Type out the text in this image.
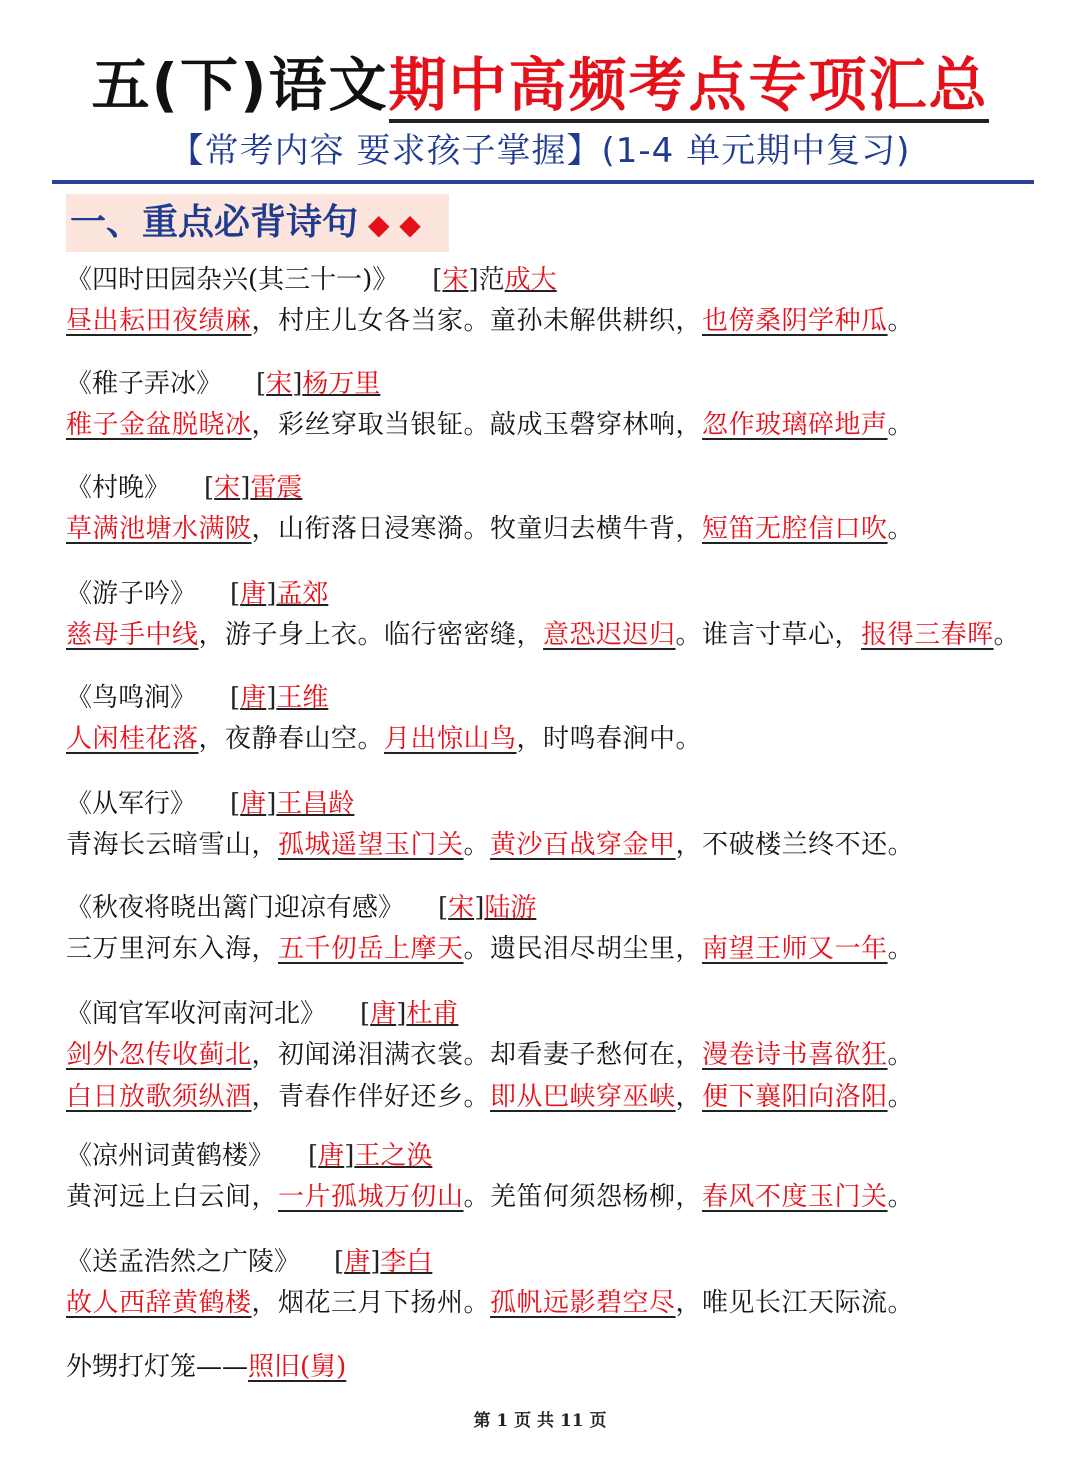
五(下)语文期中高频考点专项汇总
【常考内容 要求孩子掌握】(1-4 单元期中复习)
一、重点必背诗句 ◆ ◆
《四时田园杂兴(其三十一)》 [宋]范成大
昼出耘田夜绩麻，村庄儿女各当家。童孙未解供耕织，也傍桑阴学种瓜。
《稚子弄冰》 [宋]杨万里
稚子金盆脱晓冰，彩丝穿取当银钲。敲成玉磬穿林响，忽作玻璃碎地声。
《村晚》 [宋]雷震
草满池塘水满陂，山衔落日浸寒漪。牧童归去横牛背，短笛无腔信口吹。
《游子吟》 [唐]孟郊
慈母手中线，游子身上衣。临行密密缝，意恐迟迟归。谁言寸草心，报得三春晖。
《鸟鸣涧》 [唐]王维
人闲桂花落，夜静春山空。月出惊山鸟，时鸣春涧中。
《从军行》 [唐]王昌龄
青海长云暗雪山，孤城遥望玉门关。黄沙百战穿金甲，不破楼兰终不还。
《秋夜将晓出篱门迎凉有感》 [宋]陆游
三万里河东入海，五千仞岳上摩天。遗民泪尽胡尘里，南望王师又一年。
《闻官军收河南河北》 [唐]杜甫
剑外忽传收蓟北，初闻涕泪满衣裳。却看妻子愁何在，漫卷诗书喜欲狂。
白日放歌须纵酒，青春作伴好还乡。即从巴峡穿巫峡，便下襄阳向洛阳。
《凉州词黄鹤楼》 [唐]王之涣
黄河远上白云间，一片孤城万仞山。羌笛何须怨杨柳，春风不度玉门关。
《送孟浩然之广陵》 [唐]李白
故人西辞黄鹤楼，烟花三月下扬州。孤帆远影碧空尽，唯见长江天际流。
外甥打灯笼——照旧(舅)
第 1 页 共 11 页
